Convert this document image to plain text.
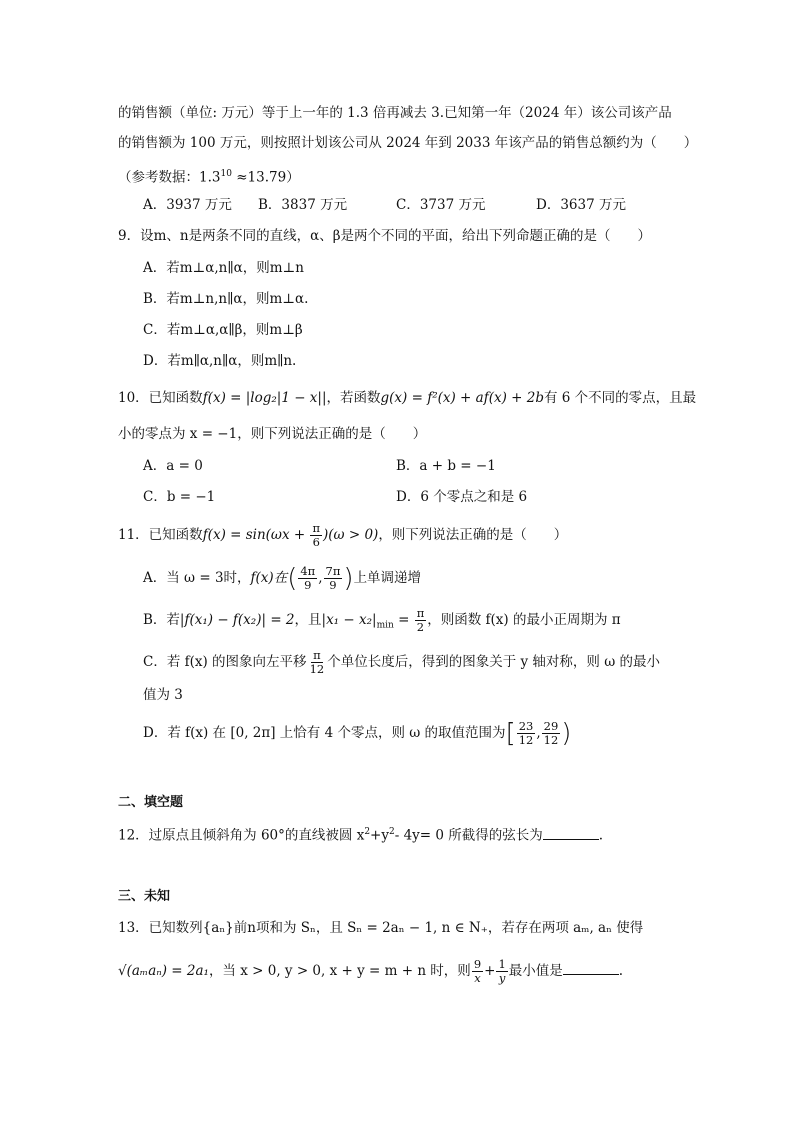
的销售额（单位: 万元）等于上一年的 1.3 倍再减去 3.已知第一年（2024 年）该公司该产品
的销售额为 100 万元，则按照计划该公司从 2024 年到 2033 年该产品的销售总额约为（　　）
（参考数据：$1.3^{10} \approx 13.79$）
A．3937 万元 B．3837 万元	C．3737 万元	D．3637 万元
9．设m、n是两条不同的直线，α、β是两个不同的平面，给出下列命题正确的是（　　）
A．若m⊥α,n∥α，则m⊥n
B．若m⊥n,n∥α，则m⊥α.
C．若m⊥α,α∥β，则m⊥β
D．若m∥α,n∥α，则m∥n.
10．已知函数f(x) = |log₂|1 − x||，若函数g(x) = f²(x) + af(x) + 2b有 6 个不同的零点，且最
小的零点为 x = −1，则下列说法正确的是（　　）
A．a = 0	B．a + b = −1
C．b = −1	D．6 个零点之和是 6
11．已知函数$f(x) = \sin(\omega x + \frac{\pi}{6} )(\omega > 0)$，则下列说法正确的是（　　）
A．当 ω = 3时，f(x)在( $\frac{4\pi}{9}$ , $\frac{7\pi}{9}$ )上单调递增
B．若|f(x₁) − f(x₂)| = 2，且$|x_1 - x_2|_{min} = \frac{\pi}{2}$ ，则函数 f(x) 的最小正周期为 π
C．若 f(x) 的图象向左平移 $\frac{\pi}{12}$ 个单位长度后，得到的图象关于 y 轴对称，则 ω 的最小
值为 3
D．若 f(x) 在 [0, 2π] 上恰有 4 个零点，则 ω 的取值范围为[ $\frac{23}{12}$ , $\frac{29}{12}$ )
二、填空题
12．过原点且倾斜角为 60°的直线被圆 $x^2+y^2-$ 4y= 0 所截得的弦长为	.
三、未知
13．已知数列{aₙ}前n项和为 Sₙ，且 Sₙ = 2aₙ − 1, n ∈ N₊，若存在两项 aₘ, aₙ 使得
√(aₘaₙ) = 2a₁，当 x > 0, y > 0, x + y = m + n 时，则 $\frac{9}{x} + \frac{1}{y}$ 最小值是	.
